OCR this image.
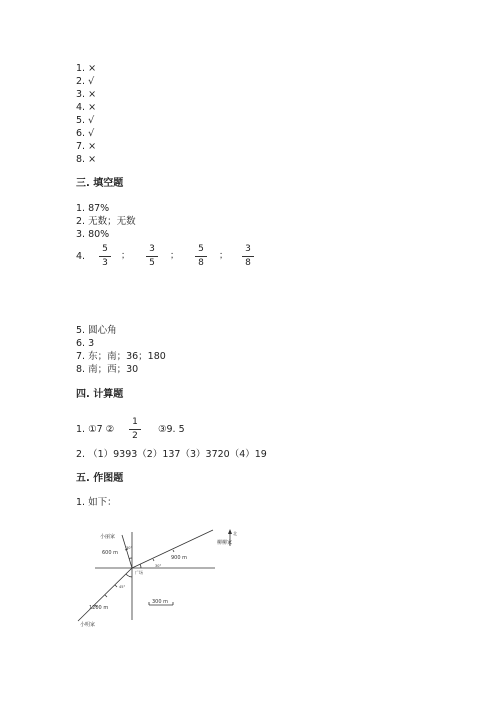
1. ×
2. √
3. ×
4. ×
5. √
6. √
7. ×
8. ×
三. 填空题
1. 87%
2. 无数；无数
3. 80%
4.
5
3
；
3
5
；
5
8
；
3
8
5. 圆心角
6. 3
7. 东；南；36；180
8. 南；西；30
四. 计算题
1. ①7 ②
1
2
③9. 5
2. （1）9393（2）137（3）3720（4）19
五. 作图题
1. 如下：
小丽家
柳柳家
小明家
广场
北
600 m
900 m
1200 m
300 m
30°
30°
45°
